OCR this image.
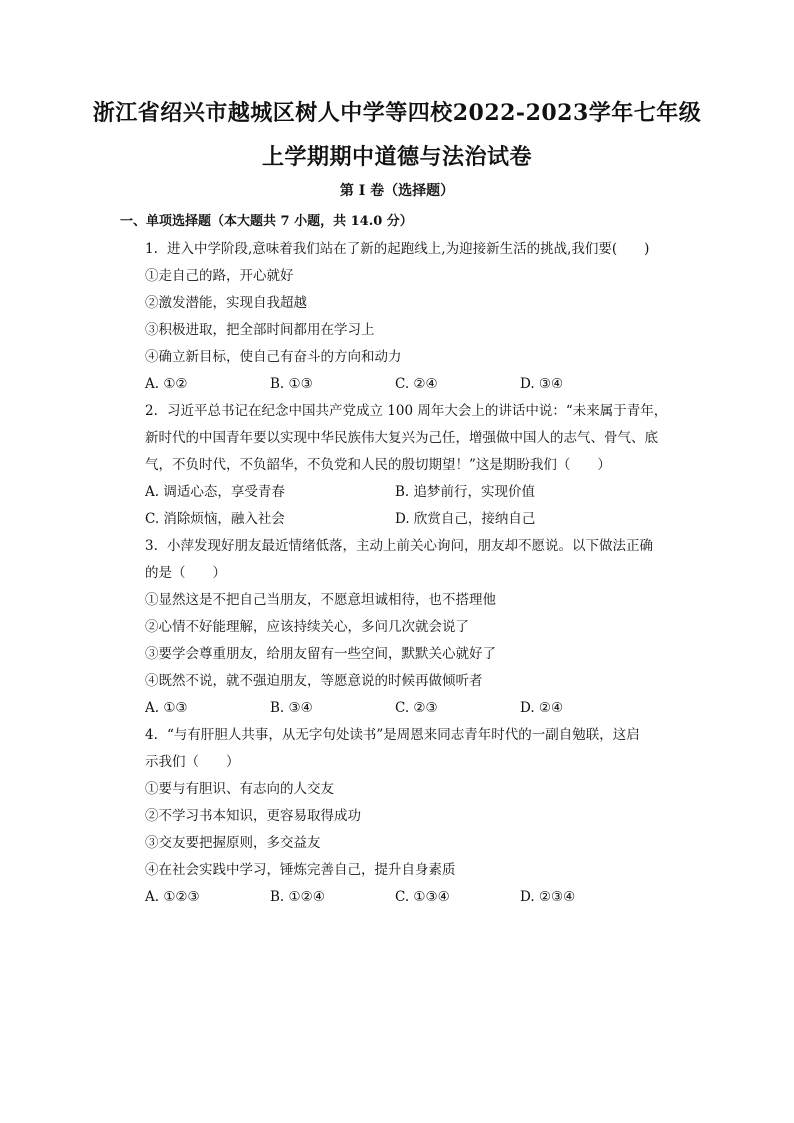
浙江省绍兴市越城区树人中学等四校2022-2023学年七年级
上学期期中道德与法治试卷
第 I 卷（选择题）
一、单项选择题（本大题共 7 小题，共 14.0 分）
1. 进入中学阶段,意味着我们站在了新的起跑线上,为迎接新生活的挑战,我们要(　　)
①走自己的路，开心就好
②激发潜能，实现自我超越
③积极进取，把全部时间都用在学习上
④确立新目标，使自己有奋斗的方向和动力
A. ①②	B. ①③	C. ②④	D. ③④
2. 习近平总书记在纪念中国共产党成立 100 周年大会上的讲话中说：“未来属于青年，
新时代的中国青年要以实现中华民族伟大复兴为己任，增强做中国人的志气、骨气、底
气，不负时代，不负韶华，不负党和人民的殷切期望！”这是期盼我们（　　）
A. 调适心态，享受青春	B. 追梦前行，实现价值
C. 消除烦恼，融入社会	D. 欣赏自己，接纳自己
3. 小萍发现好朋友最近情绪低落，主动上前关心询问，朋友却不愿说。以下做法正确
的是（　　）
①显然这是不把自己当朋友，不愿意坦诚相待，也不搭理他
②心情不好能理解，应该持续关心，多问几次就会说了
③要学会尊重朋友，给朋友留有一些空间，默默关心就好了
④既然不说，就不强迫朋友，等愿意说的时候再做倾听者
A. ①③	B. ③④	C. ②③	D. ②④
4. “与有肝胆人共事，从无字句处读书”是周恩来同志青年时代的一副自勉联，这启
示我们（　　）
①要与有胆识、有志向的人交友
②不学习书本知识，更容易取得成功
③交友要把握原则，多交益友
④在社会实践中学习，锤炼完善自己，提升自身素质
A. ①②③	B. ①②④	C. ①③④	D. ②③④
